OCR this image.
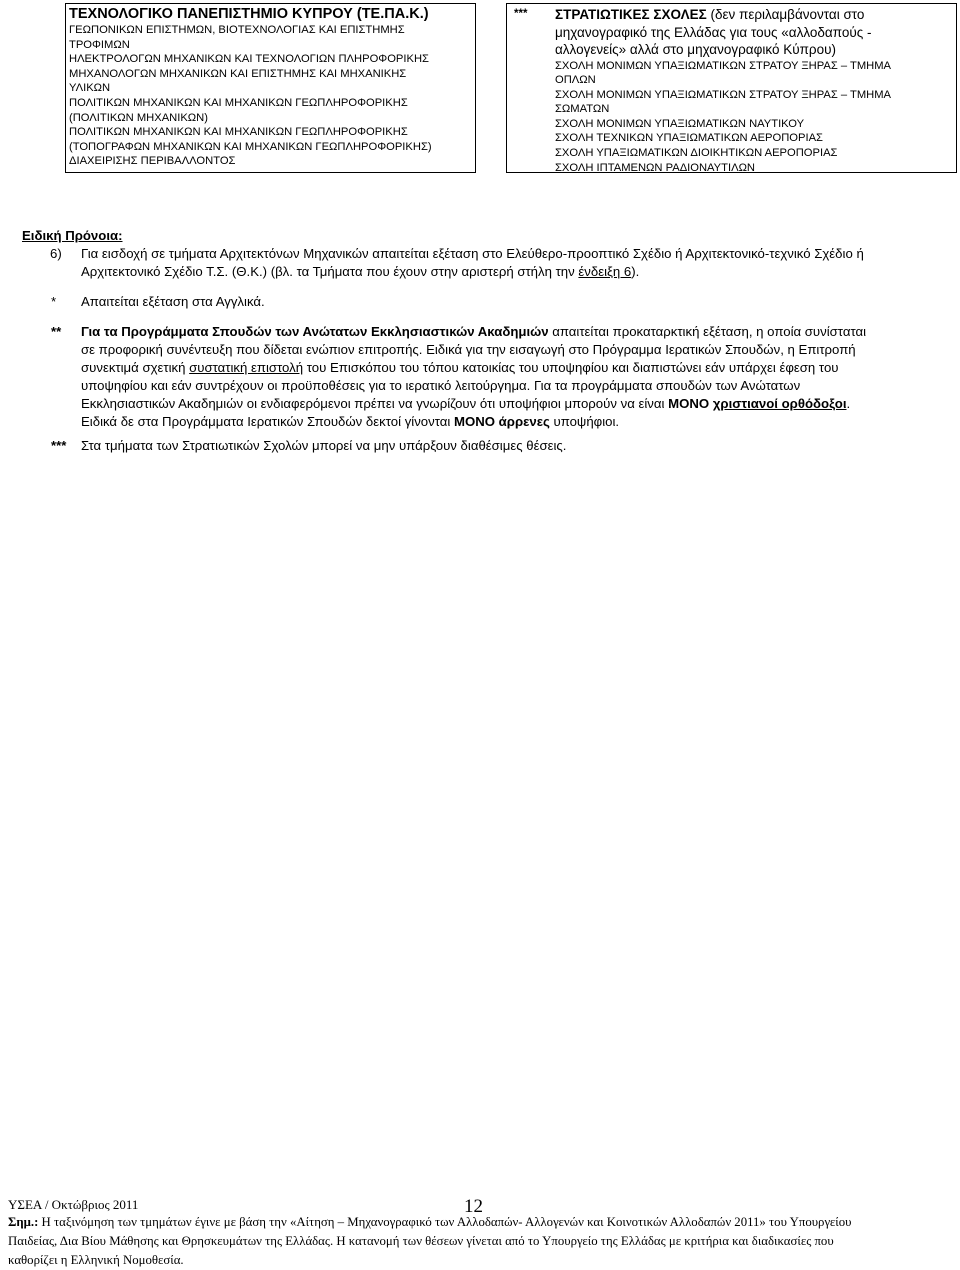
ΤΕΧΝΟΛΟΓΙΚΟ ΠΑΝΕΠΙΣΤΗΜΙΟ ΚΥΠΡΟΥ (ΤΕ.ΠΑ.Κ.)
ΓΕΩΠΟΝΙΚΩΝ ΕΠΙΣΤΗΜΩΝ, ΒΙΟΤΕΧΝΟΛΟΓΙΑΣ ΚΑΙ ΕΠΙΣΤΗΜΗΣ
ΤΡΟΦΙΜΩΝ
ΗΛΕΚΤΡΟΛΟΓΩΝ ΜΗΧΑΝΙΚΩΝ ΚΑΙ ΤΕΧΝΟΛΟΓΙΩΝ ΠΛΗΡΟΦΟΡΙΚΗΣ
ΜΗΧΑΝΟΛΟΓΩΝ ΜΗΧΑΝΙΚΩΝ ΚΑΙ ΕΠΙΣΤΗΜΗΣ ΚΑΙ ΜΗΧΑΝΙΚΗΣ
ΥΛΙΚΩΝ
ΠΟΛΙΤΙΚΩΝ ΜΗΧΑΝΙΚΩΝ ΚΑΙ ΜΗΧΑΝΙΚΩΝ ΓΕΩΠΛΗΡΟΦΟΡΙΚΗΣ
(ΠΟΛΙΤΙΚΩΝ ΜΗΧΑΝΙΚΩΝ)
ΠΟΛΙΤΙΚΩΝ ΜΗΧΑΝΙΚΩΝ ΚΑΙ ΜΗΧΑΝΙΚΩΝ ΓΕΩΠΛΗΡΟΦΟΡΙΚΗΣ
(ΤΟΠΟΓΡΑΦΩΝ ΜΗΧΑΝΙΚΩΝ ΚΑΙ ΜΗΧΑΝΙΚΩΝ ΓΕΩΠΛΗΡΟΦΟΡΙΚΗΣ)
ΔΙΑΧΕΙΡΙΣΗΣ ΠΕΡΙΒΑΛΛΟΝΤΟΣ
*** ΣΤΡΑΤΙΩΤΙΚΕΣ ΣΧΟΛΕΣ (δεν περιλαμβάνονται στο
μηχανογραφικό της Ελλάδας για τους «αλλοδαπούς -
αλλογενείς» αλλά στο μηχανογραφικό Κύπρου)
ΣΧΟΛΗ ΜΟΝΙΜΩΝ ΥΠΑΞΙΩΜΑΤΙΚΩΝ ΣΤΡΑΤΟΥ ΞΗΡΑΣ – ΤΜΗΜΑ
ΟΠΛΩΝ
ΣΧΟΛΗ ΜΟΝΙΜΩΝ ΥΠΑΞΙΩΜΑΤΙΚΩΝ ΣΤΡΑΤΟΥ ΞΗΡΑΣ – ΤΜΗΜΑ
ΣΩΜΑΤΩΝ
ΣΧΟΛΗ ΜΟΝΙΜΩΝ ΥΠΑΞΙΩΜΑΤΙΚΩΝ ΝΑΥΤΙΚΟΥ
ΣΧΟΛΗ ΤΕΧΝΙΚΩΝ ΥΠΑΞΙΩΜΑΤΙΚΩΝ ΑΕΡΟΠΟΡΙΑΣ
ΣΧΟΛΗ ΥΠΑΞΙΩΜΑΤΙΚΩΝ ΔΙΟΙΚΗΤΙΚΩΝ ΑΕΡΟΠΟΡΙΑΣ
ΣΧΟΛΗ ΙΠΤΑΜΕΝΩΝ ΡΑΔΙΟΝΑΥΤΙΛΩΝ
Ειδική Πρόνοια:
6) Για εισδοχή σε τμήματα Αρχιτεκτόνων Μηχανικών απαιτείται εξέταση στο Ελεύθερο-προοπτικό Σχέδιο ή Αρχιτεκτονικό-τεχνικό Σχέδιο ή
Αρχιτεκτονικό Σχέδιο Τ.Σ. (Θ.Κ.) (βλ. τα Τμήματα που έχουν στην αριστερή στήλη την ένδειξη 6).
* Απαιτείται εξέταση στα Αγγλικά.
** Για τα Προγράμματα Σπουδών των Ανώτατων Εκκλησιαστικών Ακαδημιών απαιτείται προκαταρκτική εξέταση, η οποία συνίσταται
σε προφορική συνέντευξη που δίδεται ενώπιον επιτροπής. Ειδικά για την εισαγωγή στο Πρόγραμμα Ιερατικών Σπουδών, η Επιτροπή
συνεκτιμά σχετική συστατική επιστολή του Επισκόπου του τόπου κατοικίας του υποψηφίου και διαπιστώνει εάν υπάρχει έφεση του
υποψηφίου και εάν συντρέχουν οι προϋποθέσεις για το ιερατικό λειτούργημα. Για τα προγράμματα σπουδών των Ανώτατων
Εκκλησιαστικών Ακαδημιών οι ενδιαφερόμενοι πρέπει να γνωρίζουν ότι υποψήφιοι μπορούν να είναι ΜΟΝΟ χριστιανοί ορθόδοξοι.
Ειδικά δε στα Προγράμματα Ιερατικών Σπουδών δεκτοί γίνονται ΜΟΝΟ άρρενες υποψήφιοι.
*** Στα τμήματα των Στρατιωτικών Σχολών μπορεί να μην υπάρξουν διαθέσιμες θέσεις.
ΥΣΕΑ / Οκτώβριος 2011	12
Σημ.: Η ταξινόμηση των τμημάτων έγινε με βάση την «Αίτηση – Μηχανογραφικό των Αλλοδαπών- Αλλογενών και Κοινοτικών Αλλοδαπών 2011» του Υπουργείου
Παιδείας, Δια Βίου Μάθησης και Θρησκευμάτων της Ελλάδας. Η κατανομή των θέσεων γίνεται από το Υπουργείο της Ελλάδας με κριτήρια και διαδικασίες που
καθορίζει η Ελληνική Νομοθεσία.
